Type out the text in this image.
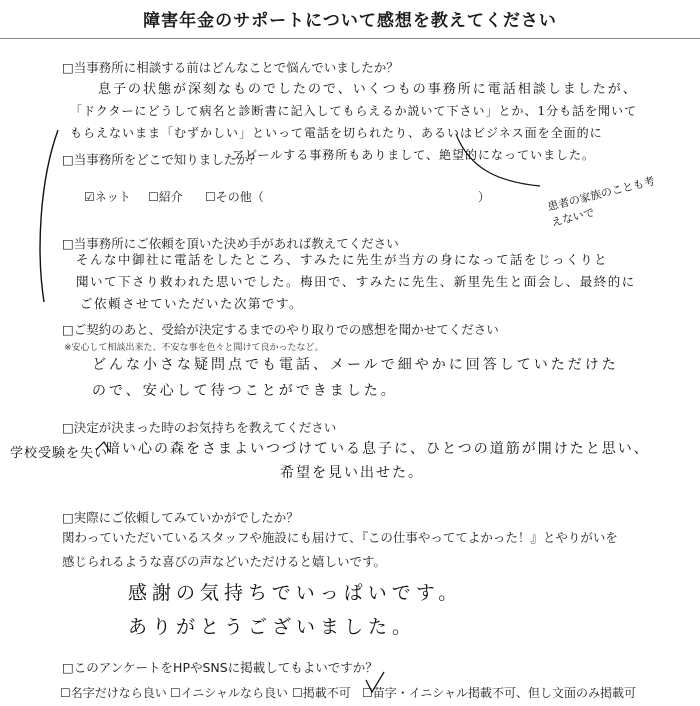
障害年金のサポートについて感想を教えてください
□当事務所に相談する前はどんなことで悩んでいましたか？
息子の状態が深刻なものでしたので、いくつもの事務所に電話相談しましたが、
「ドクターにどうして病名と診断書に記入してもらえるか説いて下さい」とか、1分も話を聞いて
もらえないまま「むずかしい」といって電話を切られたり、あるいはビジネス面を全面的に
アピールする事務所もありまして、絶望的になっていました。
患者の家族のことも考えないで
□当事務所をどこで知りましたか？
☑ ネット	☐ 紹介	☐ その他（	）
□当事務所にご依頼を頂いた決め手があれば教えてください
そんな中御社に電話をしたところ、すみたに先生が当方の身になって話をじっくりと
聞いて下さり救われた思いでした。梅田で、すみたに先生、新里先生と面会し、最終的に
ご依頼させていただいた次第です。
□ご契約のあと、受給が決定するまでのやり取りでの感想を聞かせてください
※安心して相談出来た、不安な事を色々と聞けて良かったなど。
どんな小さな疑問点でも電話、メールで細やかに回答していただけた
ので、安心して待つことができました。
□決定が決まった時のお気持ちを教えてください
学校受験を失い
暗い心の森をさまよいつづけている息子に、ひとつの道筋が開けたと思い、
希望を見い出せた。
□実際にご依頼してみていかがでしたか？
関わっていただいているスタッフや施設にも届けて、『この仕事やっててよかった！』とやりがいを感じられるような喜びの声などいただけると嬉しいです。
感謝の気持ちでいっぱいです。
ありがとうございました。
□このアンケートをHPやSNSに掲載してもよいですか？
☐ 名字だけなら良い	☐ イニシャルなら良い	☐ 掲載不可	☐ 苗字・イニシャル掲載不可、但し文面のみ掲載可
